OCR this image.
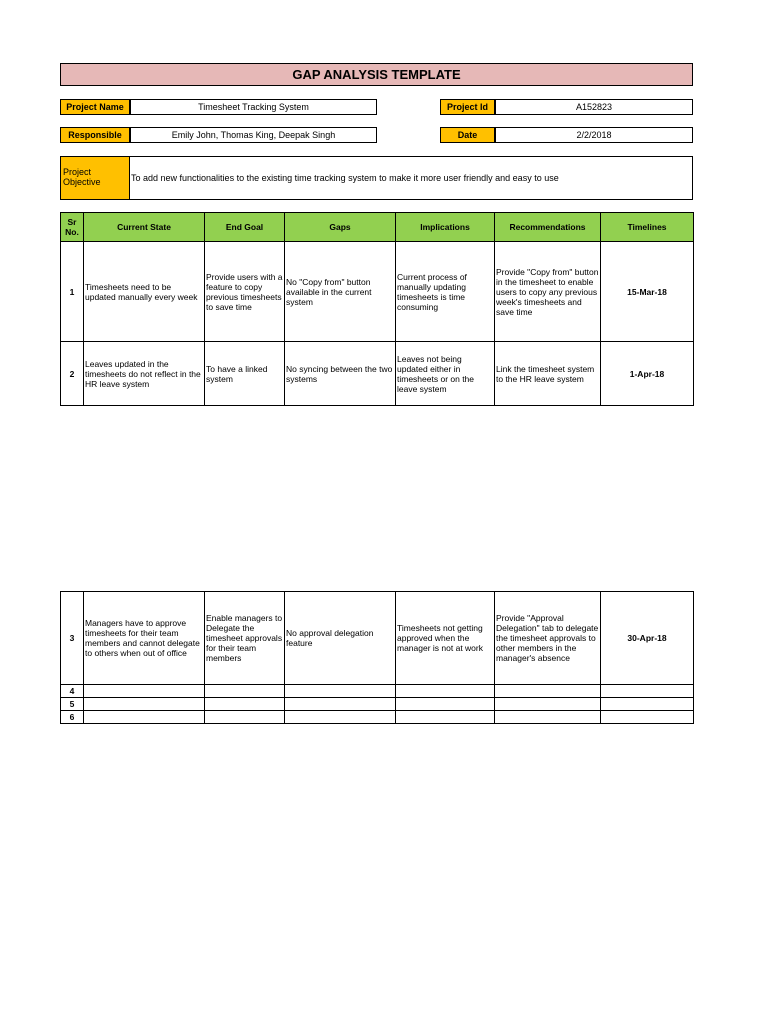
GAP ANALYSIS TEMPLATE
Project Name	Timesheet Tracking System	Project Id	A152823
Responsible	Emily John, Thomas King, Deepak Singh	Date	2/2/2018
Project Objective	To add new functionalities to the existing time tracking system to make it more user friendly and easy to use
Sr No.	Current State	End Goal	Gaps	Implications	Recommendations	Timelines
1	Timesheets need to be updated manually every week	Provide users with a feature to copy previous timesheets to save time	No "Copy from" button available in the current system	Current process of manually updating timesheets is time consuming	Provide "Copy from" button in the timesheet to enable users to copy any previous week's timesheets and save time	15-Mar-18
2	Leaves updated in the timesheets do not reflect in the HR leave system	To have a linked system	No syncing between the two systems	Leaves not being updated either in timesheets or on the leave system	Link the timesheet system to the HR leave system	1-Apr-18
3	Managers have to approve timesheets for their team members and cannot delegate to others when out of office	Enable managers to Delegate the timesheet approvals for their team members	No approval delegation feature	Timesheets not getting approved when the manager is not at work	Provide "Approval Delegation" tab to delegate the timesheet approvals to other members in the manager's absence	30-Apr-18
4						
5						
6						
